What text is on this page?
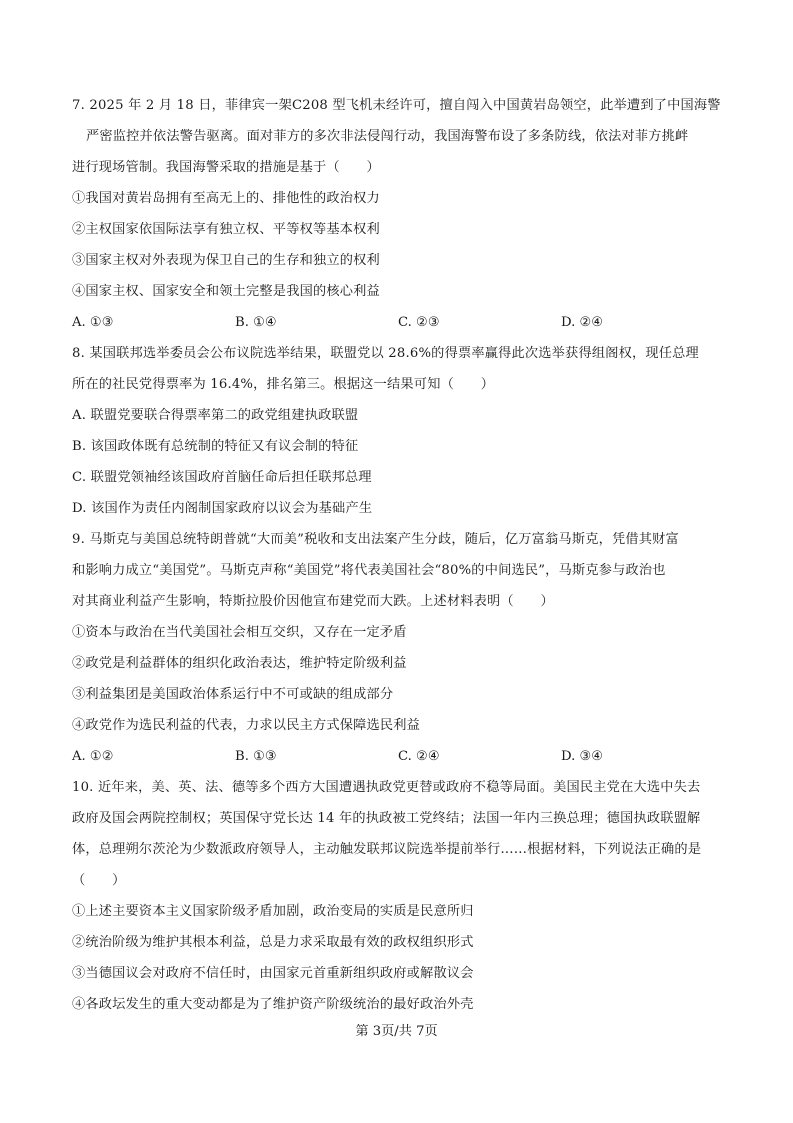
7. 2025 年 2 月 18 日，菲律宾一架C208 型飞机未经许可，擅自闯入中国黄岩岛领空，此举遭到了中国海警
严密监控并依法警告驱离。面对菲方的多次非法侵闯行动，我国海警布设了多条防线，依法对菲方挑衅
进行现场管制。我国海警采取的措施是基于（　　）
①我国对黄岩岛拥有至高无上的、排他性的政治权力
②主权国家依国际法享有独立权、平等权等基本权利
③国家主权对外表现为保卫自己的生存和独立的权利
④国家主权、国家安全和领土完整是我国的核心利益
A. ①③	B. ①④	C. ②③	D. ②④
8. 某国联邦选举委员会公布议院选举结果，联盟党以 28.6%的得票率赢得此次选举获得组阁权，现任总理
所在的社民党得票率为 16.4%，排名第三。根据这一结果可知（　　）
A. 联盟党要联合得票率第二的政党组建执政联盟
B. 该国政体既有总统制的特征又有议会制的特征
C. 联盟党领袖经该国政府首脑任命后担任联邦总理
D. 该国作为责任内阁制国家政府以议会为基础产生
9. 马斯克与美国总统特朗普就“大而美”税收和支出法案产生分歧，随后，亿万富翁马斯克，凭借其财富
和影响力成立“美国党”。马斯克声称“美国党”将代表美国社会“80%的中间选民”，马斯克参与政治也
对其商业利益产生影响，特斯拉股价因他宣布建党而大跌。上述材料表明（　　）
①资本与政治在当代美国社会相互交织，又存在一定矛盾
②政党是利益群体的组织化政治表达，维护特定阶级利益
③利益集团是美国政治体系运行中不可或缺的组成部分
④政党作为选民利益的代表，力求以民主方式保障选民利益
A. ①②	B. ①③	C. ②④	D. ③④
10. 近年来，美、英、法、德等多个西方大国遭遇执政党更替或政府不稳等局面。美国民主党在大选中失去
政府及国会两院控制权；英国保守党长达 14 年的执政被工党终结；法国一年内三换总理；德国执政联盟解
体，总理朔尔茨沦为少数派政府领导人，主动触发联邦议院选举提前举行……根据材料，下列说法正确的是
（　　）
①上述主要资本主义国家阶级矛盾加剧，政治变局的实质是民意所归
②统治阶级为维护其根本利益，总是力求采取最有效的政权组织形式
③当德国议会对政府不信任时，由国家元首重新组织政府或解散议会
④各政坛发生的重大变动都是为了维护资产阶级统治的最好政治外壳
第 3页/共 7页
